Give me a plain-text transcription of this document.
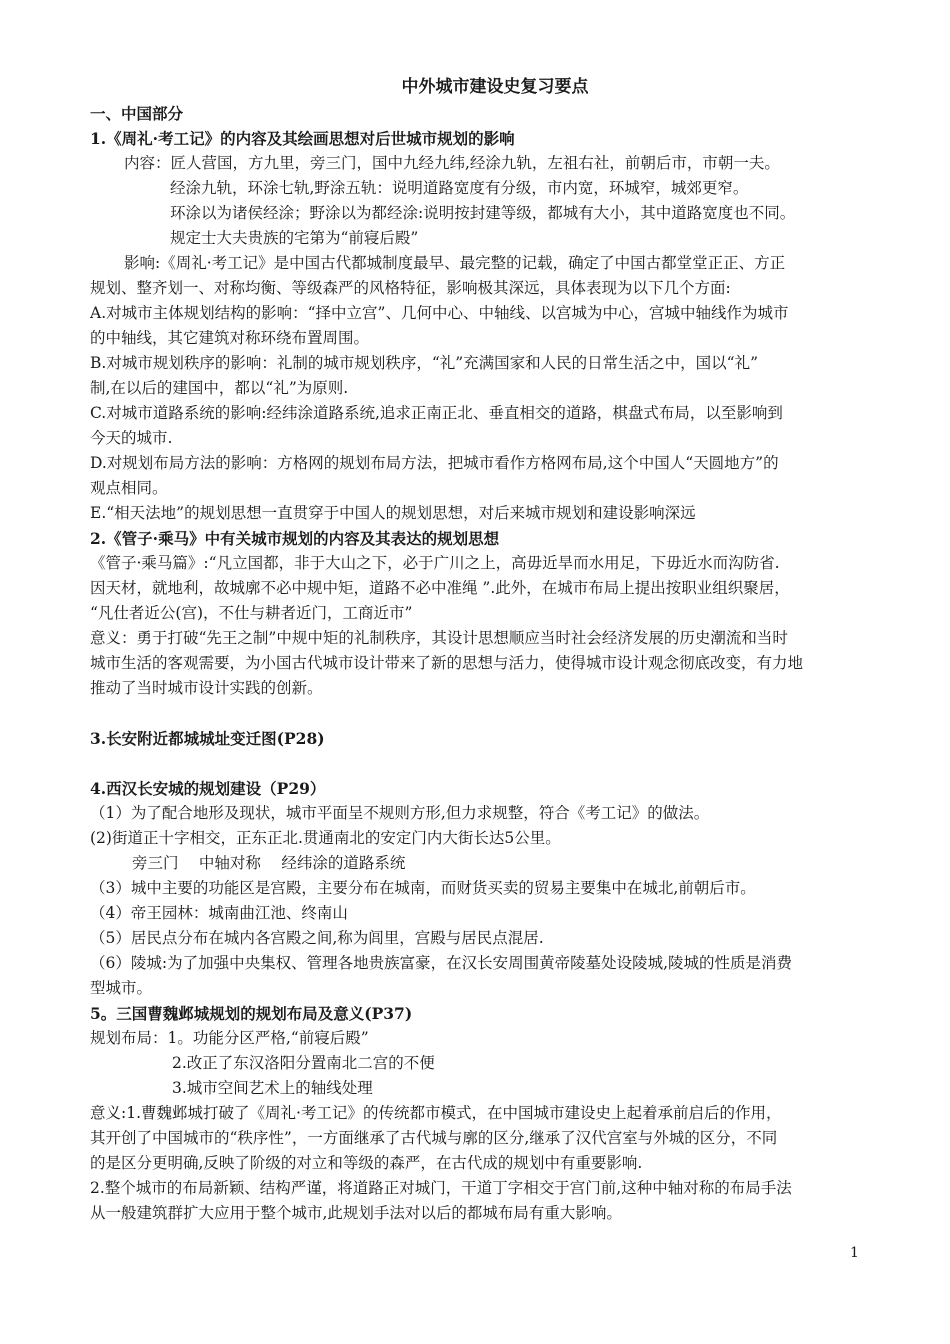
中外城市建设史复习要点
一、中国部分
1.《周礼·考工记》的内容及其绘画思想对后世城市规划的影响
内容：匠人营国，方九里，旁三门，国中九经九纬,经涂九轨，左祖右社，前朝后市，市朝一夫。
经涂九轨，环涂七轨,野涂五轨：说明道路宽度有分级，市内宽，环城窄，城郊更窄。
环涂以为诸侯经涂；野涂以为都经涂:说明按封建等级，都城有大小，其中道路宽度也不同。
规定士大夫贵族的宅第为“前寝后殿”
影响:《周礼·考工记》是中国古代都城制度最早、最完整的记载，确定了中国古都堂堂正正、方正
规划、整齐划一、对称均衡、等级森严的风格特征，影响极其深远，具体表现为以下几个方面:
A.对城市主体规划结构的影响：“择中立宫”、几何中心、中轴线、以宫城为中心，宫城中轴线作为城市
的中轴线，其它建筑对称环绕布置周围。
B.对城市规划秩序的影响：礼制的城市规划秩序，“礼”充满国家和人民的日常生活之中，国以“礼”
制,在以后的建国中，都以“礼”为原则.
C.对城市道路系统的影响:经纬涂道路系统,追求正南正北、垂直相交的道路，棋盘式布局，以至影响到
今天的城市.
D.对规划布局方法的影响：方格网的规划布局方法，把城市看作方格网布局,这个中国人“天圆地方”的
观点相同。
E.“相天法地”的规划思想一直贯穿于中国人的规划思想，对后来城市规划和建设影响深远
2.《管子·乘马》中有关城市规划的内容及其表达的规划思想
《管子·乘马篇》:“凡立国都，非于大山之下，必于广川之上，高毋近旱而水用足，下毋近水而沟防省.
因天材，就地利，故城廓不必中规中矩，道路不必中准绳 ”.此外，在城市布局上提出按职业组织聚居，
“凡仕者近公(宫)，不仕与耕者近门，工商近市”
意义：勇于打破“先王之制”中规中矩的礼制秩序，其设计思想顺应当时社会经济发展的历史潮流和当时
城市生活的客观需要，为小国古代城市设计带来了新的思想与活力，使得城市设计观念彻底改变，有力地
推动了当时城市设计实践的创新。
3.长安附近都城城址变迁图(P28)
4.西汉长安城的规划建设（P29）
（1）为了配合地形及现状，城市平面呈不规则方形,但力求规整，符合《考工记》的做法。
(2)街道正十字相交，正东正北.贯通南北的安定门内大街长达5公里。
旁三门　 中轴对称　 经纬涂的道路系统
（3）城中主要的功能区是宫殿，主要分布在城南，而财货买卖的贸易主要集中在城北,前朝后市。
（4）帝王园林：城南曲江池、终南山
（5）居民点分布在城内各宫殿之间,称为闾里，宫殿与居民点混居.
（6）陵城:为了加强中央集权、管理各地贵族富豪，在汉长安周围黄帝陵墓处设陵城,陵城的性质是消费
型城市。
5。三国曹魏邺城规划的规划布局及意义(P37)
规划布局：1。功能分区严格,“前寝后殿”
2.改正了东汉洛阳分置南北二宫的不便
3.城市空间艺术上的轴线处理
意义:1.曹魏邺城打破了《周礼·考工记》的传统都市模式，在中国城市建设史上起着承前启后的作用，
其开创了中国城市的“秩序性”，一方面继承了古代城与廓的区分,继承了汉代宫室与外城的区分，不同
的是区分更明确,反映了阶级的对立和等级的森严，在古代成的规划中有重要影响.
2.整个城市的布局新颖、结构严谨，将道路正对城门，干道丁字相交于宫门前,这种中轴对称的布局手法
从一般建筑群扩大应用于整个城市,此规划手法对以后的都城布局有重大影响。
1
